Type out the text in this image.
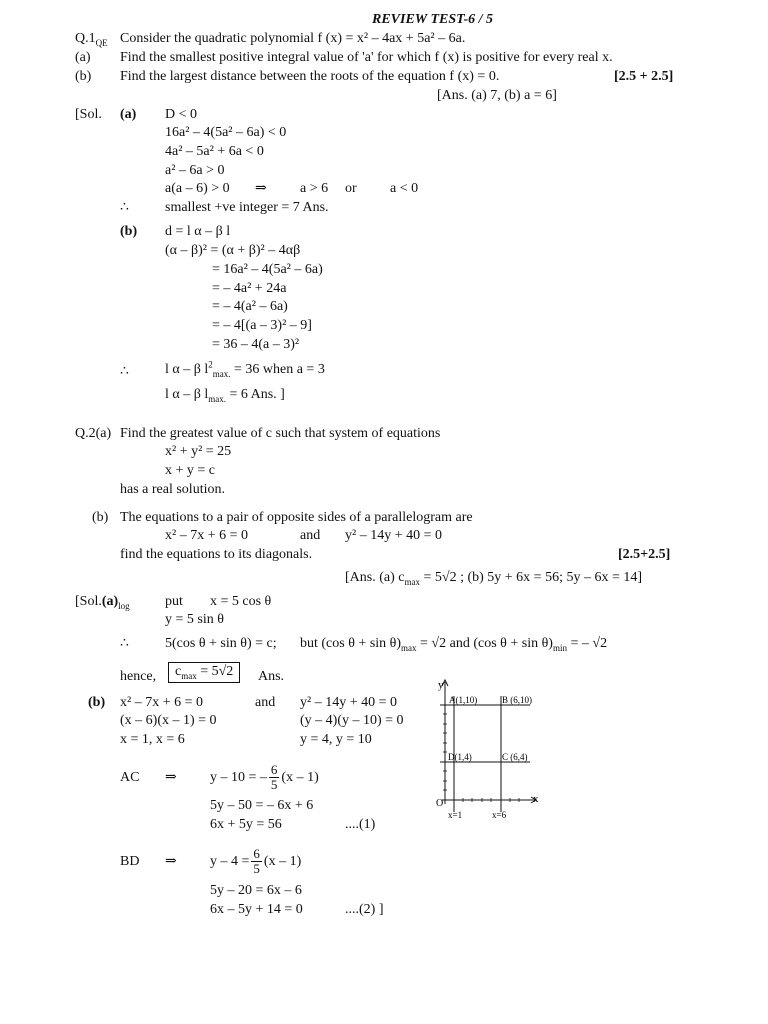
REVIEW TEST-6 / 5
$Q.1_{QE}$ Consider the quadratic polynomial f (x) = x² – 4ax + 5a² – 6a.
(a) Find the smallest positive integral value of 'a' for which f (x) is positive for every real x.
(b) Find the largest distance between the roots of the equation f (x) = 0.	[2.5 + 2.5]
[Ans. (a) 7, (b) a = 6]
[Sol. (a) D < 0
16a² – 4(5a² – 6a) < 0
4a² – 5a² + 6a < 0
a² – 6a > 0
a(a – 6) > 0 ⇒ a > 6 or a < 0
∴	smallest +ve integer = 7 Ans.
(b) d = l α – β l
(α – β)² = (α + β)² – 4αβ
= 16a² – 4(5a² – 6a)
= – 4a² + 24a
= – 4(a² – 6a)
= – 4[(a – 3)² – 9]
= 36 – 4(a – 3)²
∴	l α – β $l^2_{max.} = 36$ when a = 3
l α – β $l_{max.} = 6$ Ans. ]
Q.2(a) Find the greatest value of c such that system of equations
x² + y² = 25
x + y = c
has a real solution.
(b) The equations to a pair of opposite sides of a parallelogram are
x² – 7x + 6 = 0	and y² – 14y + 40 = 0
find the equations to its diagonals.	[2.5+2.5]
[Ans. (a) $c_{max} = 5√2$ ; (b) 5y + 6x = 56; 5y – 6x = 14]
[$Sol.(a)_{log}$	put x = 5 cos θ
y = 5 sin θ
∴	5(cos θ + sin θ) = c; but (cos $\theta + \sin \theta)_{max} = √2$ and (cos $\theta + \sin \theta)_{min}$ = – √2
hence,	$c_{max} = 5√2$	Ans.
(b) x² – 7x + 6 = 0	and y² – 14y + 40 = 0
(x – 6)(x – 1) = 0	(y – 4)(y – 10) = 0
x = 1, x = 6	y = 4, y = 10
AC ⇒ y – 10 = – $\frac{6}{5} (x - 1)$
5y – 50 = – 6x + 6
6x + 5y = 56	....(1)
BD ⇒ $y - 4 = \frac{6}{5} (x - 1)$
5y – 20 = 6x – 6
6x – 5y + 14 = 0	....(2) ]
y
x
O
A(1,10)	B (6,10)
D(1,4)	C (6,4)
x=1	x=6
